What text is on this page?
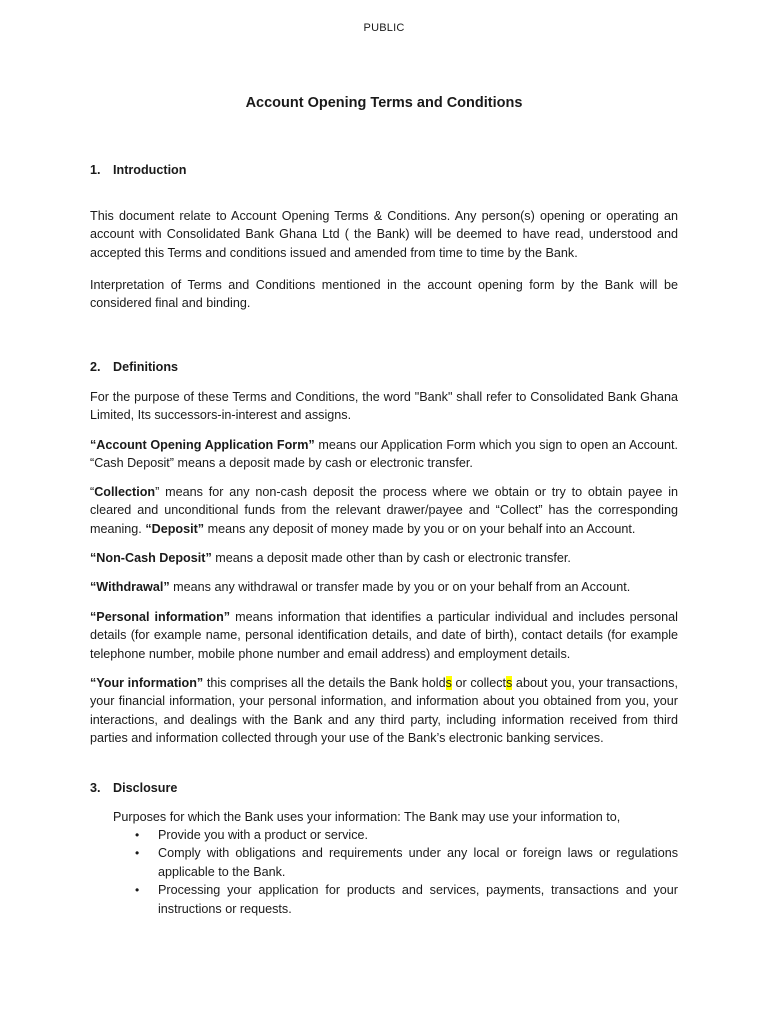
PUBLIC
Account Opening Terms and Conditions
1. Introduction

This document relate to Account Opening Terms & Conditions. Any person(s) opening or operating an account with Consolidated Bank Ghana Ltd ( the Bank) will be deemed to have read, understood and accepted this Terms and conditions issued and amended from time to time by the Bank.

Interpretation of Terms and Conditions mentioned in the account opening form by the Bank will be considered final and binding.

2. Definitions

For the purpose of these Terms and Conditions, the word "Bank" shall refer to Consolidated Bank Ghana Limited, Its successors-in-interest and assigns.

“Account Opening Application Form” means our Application Form which you sign to open an Account. “Cash Deposit” means a deposit made by cash or electronic transfer.

“Collection” means for any non-cash deposit the process where we obtain or try to obtain payee in cleared and unconditional funds from the relevant drawer/payee and “Collect” has the corresponding meaning. “Deposit” means any deposit of money made by you or on your behalf into an Account.

“Non-Cash Deposit” means a deposit made other than by cash or electronic transfer.

“Withdrawal” means any withdrawal or transfer made by you or on your behalf from an Account.

“Personal information” means information that identifies a particular individual and includes personal details (for example name, personal identification details, and date of birth), contact details (for example telephone number, mobile phone number and email address) and employment details.

“Your information” this comprises all the details the Bank holds or collects about you, your transactions, your financial information, your personal information, and information about you obtained from you, your interactions, and dealings with the Bank and any third party, including information received from third parties and information collected through your use of the Bank’s electronic banking services.

3. Disclosure
Purposes for which the Bank uses your information: The Bank may use your information to,
• Provide you with a product or service.
• Comply with obligations and requirements under any local or foreign laws or regulations applicable to the Bank.
• Processing your application for products and services, payments, transactions and your instructions or requests.
